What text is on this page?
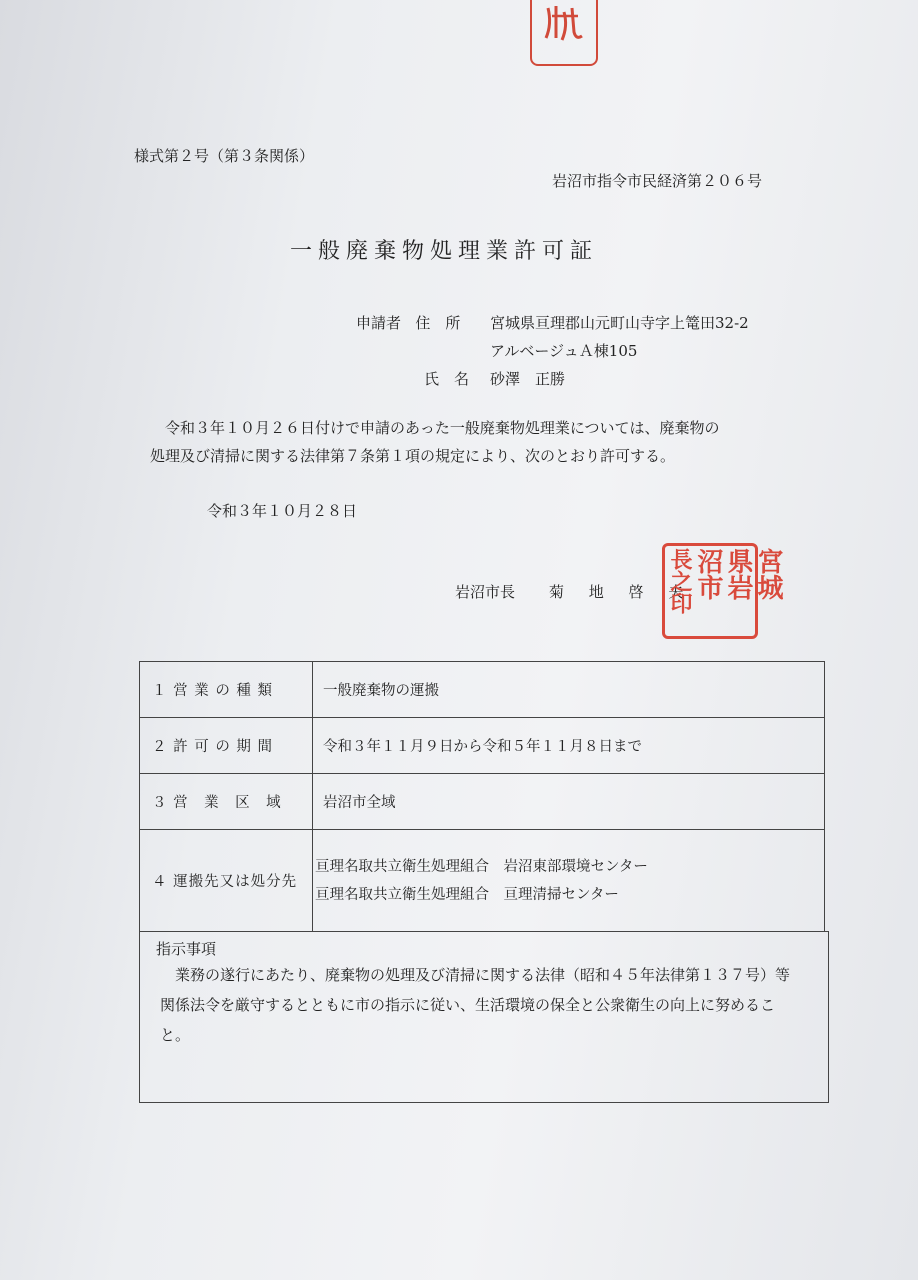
様式第２号（第３条関係）
岩沼市指令市民経済第２０６号
一般廃棄物処理業許可証
申請者 住　所	宮城県亘理郡山元町山寺字上篭田32-2
アルベージュＡ棟105
氏　名	砂澤　正勝

令和３年１０月２６日付けで申請のあった一般廃棄物処理業については、廃棄物の

処理及び清掃に関する法律第７条第１項の規定により、次のとおり許可する。

令和３年１０月２８日
岩沼市長 菊 地 啓 夫 宮城
県岩
沼市
長之印
１ 営 業 の 種 類	一般廃棄物の運搬
２ 許 可 の 期 間	令和３年１１月９日から令和５年１１月８日まで
３ 営　業　区　域	岩沼市全域
４ 運搬先又は処分先	亘理名取共立衛生処理組合　岩沼東部環境センター
亘理名取共立衛生処理組合　亘理清掃センター
指示事項
業務の遂行にあたり、廃棄物の処理及び清掃に関する法律（昭和４５年法律第１３７号）等関係法令を厳守するとともに市の指示に従い、生活環境の保全と公衆衛生の向上に努めること。
